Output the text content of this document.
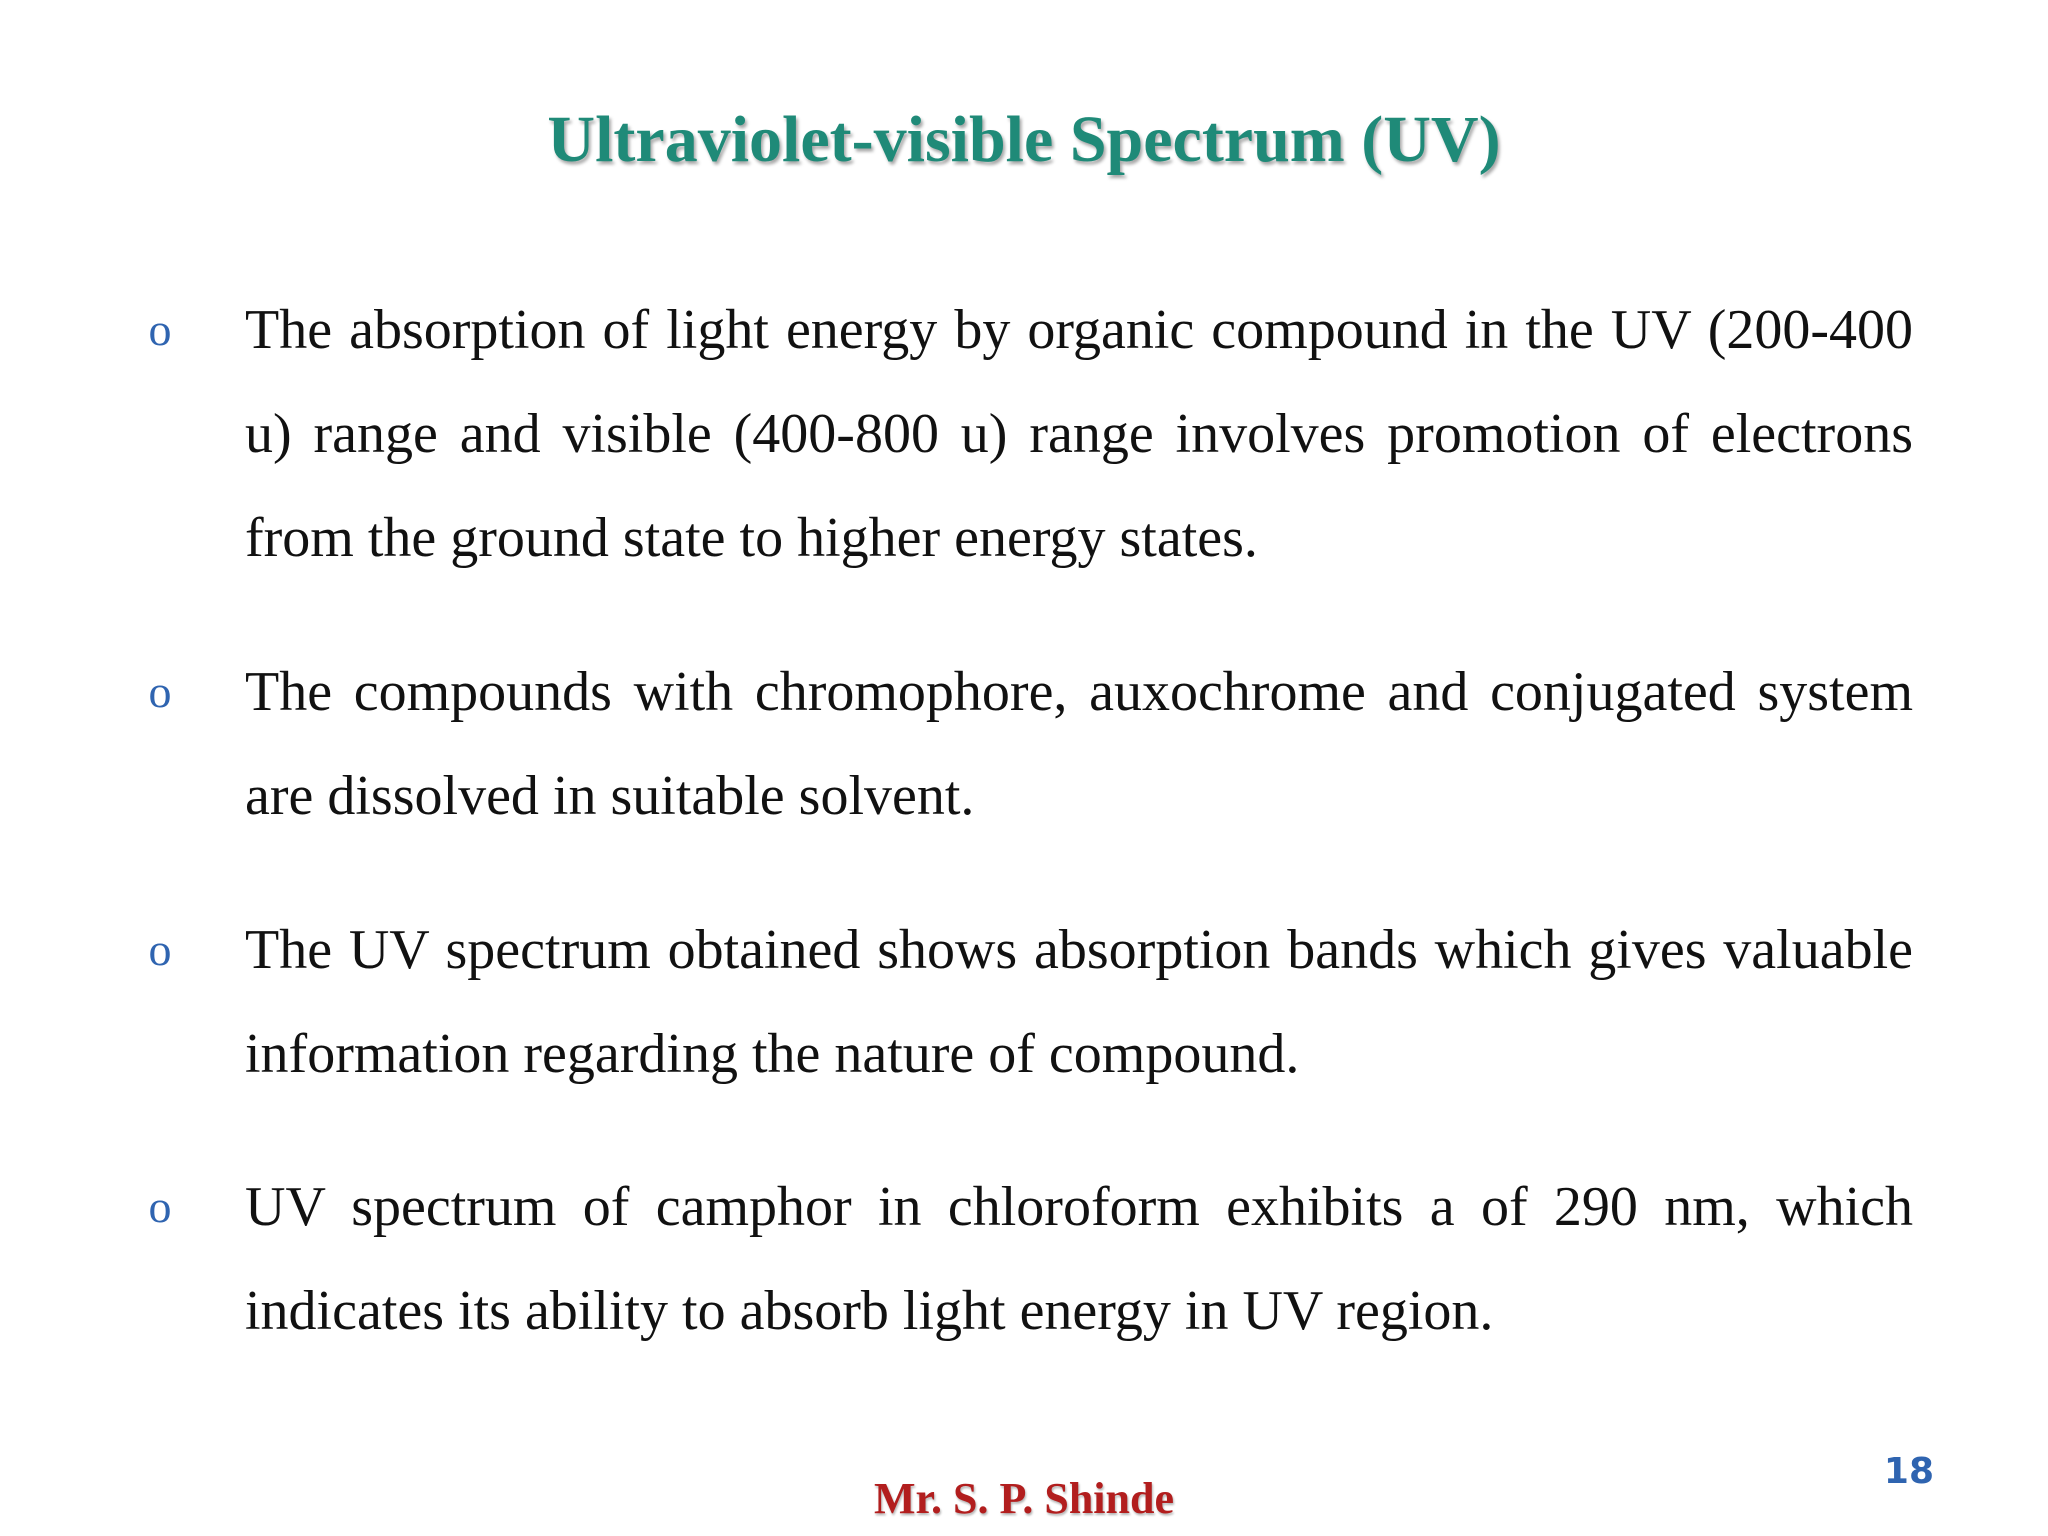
Ultraviolet-visible Spectrum (UV)
o The absorption of light energy by organic compound in the UV (200-400 u) range and visible (400-800 u) range involves promotion of electrons from the ground state to higher energy states.
o The compounds with chromophore, auxochrome and conjugated system are dissolved in suitable solvent.
o The UV spectrum obtained shows absorption bands which gives valuable information regarding the nature of compound.
o UV spectrum of camphor in chloroform exhibits a of 290 nm, which indicates its ability to absorb light energy in UV region.
Mr. S. P. Shinde
18
